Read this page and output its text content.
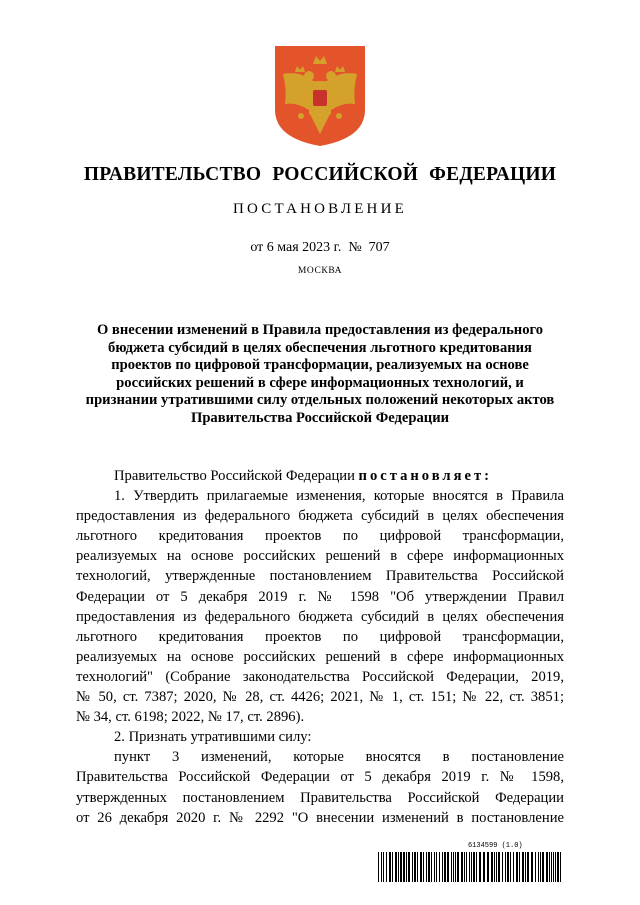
ПРАВИТЕЛЬСТВО РОССИЙСКОЙ ФЕДЕРАЦИИ
ПОСТАНОВЛЕНИЕ
от 6 мая 2023 г.  №  707
МОСКВА
О внесении изменений в Правила предоставления из федерального
бюджета субсидий в целях обеспечения льготного кредитования
проектов по цифровой трансформации, реализуемых на основе
российских решений в сфере информационных технологий, и
признании утратившими силу отдельных положений некоторых актов
Правительства Российской Федерации
Правительство Российской Федерации постановляет:
1. Утвердить прилагаемые изменения, которые вносятся в Правила
предоставления из федерального бюджета субсидий в целях обеспечения
льготного кредитования проектов по цифровой трансформации,
реализуемых на основе российских решений в сфере информационных
технологий, утвержденные постановлением Правительства Российской
Федерации от 5 декабря 2019 г. № 1598 "Об утверждении Правил
предоставления из федерального бюджета субсидий в целях обеспечения
льготного кредитования проектов по цифровой трансформации,
реализуемых на основе российских решений в сфере информационных
технологий" (Собрание законодательства Российской Федерации, 2019,
№ 50, ст. 7387; 2020, № 28, ст. 4426; 2021, № 1, ст. 151; № 22, ст. 3851;
№ 34, ст. 6198; 2022, № 17, ст. 2896).
2. Признать утратившими силу:
пункт 3 изменений, которые вносятся в постановление
Правительства Российской Федерации от 5 декабря 2019 г. № 1598,
утвержденных постановлением Правительства Российской Федерации
от 26 декабря 2020 г. № 2292 "О внесении изменений в постановление
6134599 (1.0)
